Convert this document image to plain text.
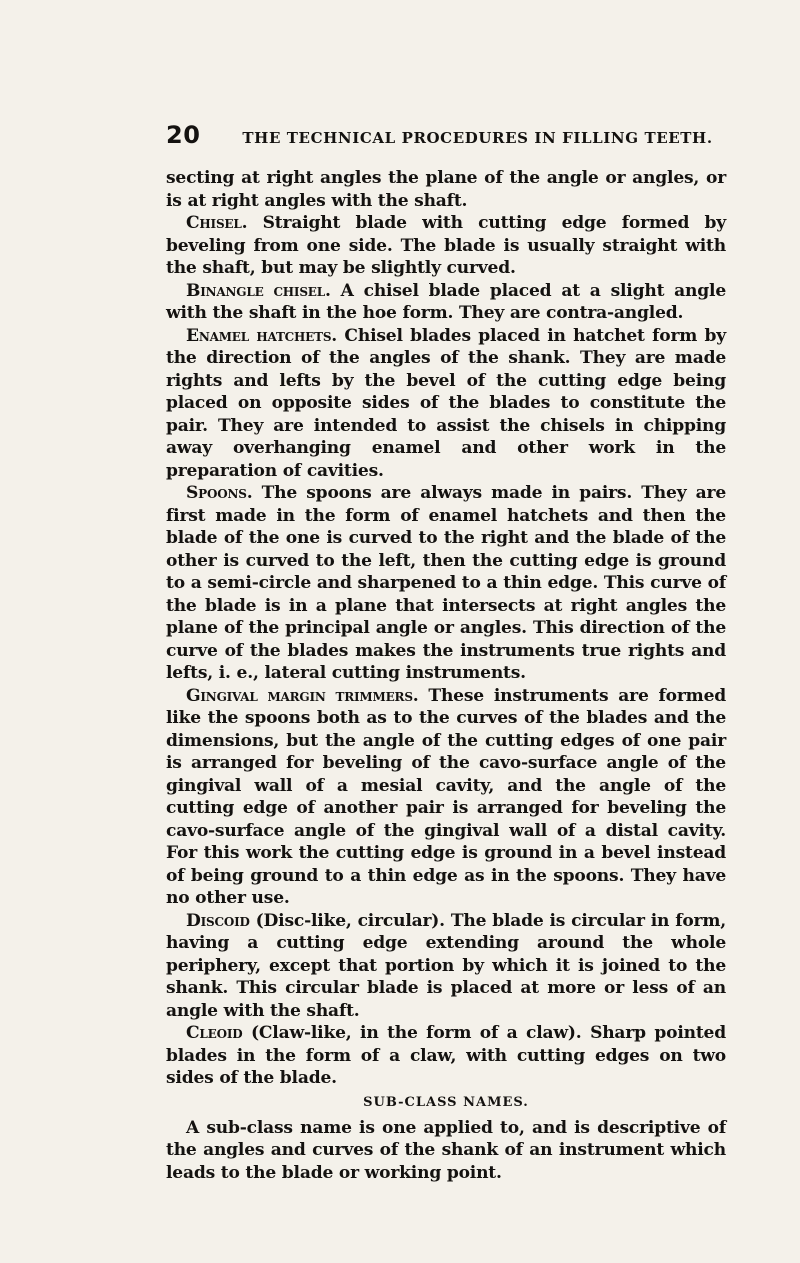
20	THE TECHNICAL PROCEDURES IN FILLING TEETH.

secting at right angles the plane of the angle or angles, or is at right angles with the shaft.

Chisel. Straight blade with cutting edge formed by beveling from one side. The blade is usually straight with the shaft, but may be slightly curved.

Binangle chisel. A chisel blade placed at a slight angle with the shaft in the hoe form. They are contra-angled.

Enamel hatchets. Chisel blades placed in hatchet form by the direction of the angles of the shank. They are made rights and lefts by the bevel of the cutting edge being placed on opposite sides of the blades to constitute the pair. They are intended to assist the chisels in chipping away overhanging enamel and other work in the preparation of cavities.

Spoons. The spoons are always made in pairs. They are first made in the form of enamel hatchets and then the blade of the one is curved to the right and the blade of the other is curved to the left, then the cutting edge is ground to a semi-circle and sharpened to a thin edge. This curve of the blade is in a plane that intersects at right angles the plane of the principal angle or angles. This direction of the curve of the blades makes the instruments true rights and lefts, i. e., lateral cutting instruments.

Gingival margin trimmers. These instruments are formed like the spoons both as to the curves of the blades and the dimensions, but the angle of the cutting edges of one pair is arranged for beveling of the cavo-surface angle of the gingival wall of a mesial cavity, and the angle of the cutting edge of another pair is arranged for beveling the cavo-surface angle of the gingival wall of a distal cavity. For this work the cutting edge is ground in a bevel instead of being ground to a thin edge as in the spoons. They have no other use.

Discoid (Disc-like, circular). The blade is circular in form, having a cutting edge extending around the whole periphery, except that portion by which it is joined to the shank. This circular blade is placed at more or less of an angle with the shaft.

Cleoid (Claw-like, in the form of a claw). Sharp pointed blades in the form of a claw, with cutting edges on two sides of the blade.

SUB-CLASS NAMES.

A sub-class name is one applied to, and is descriptive of the angles and curves of the shank of an instrument which leads to the blade or working point.
